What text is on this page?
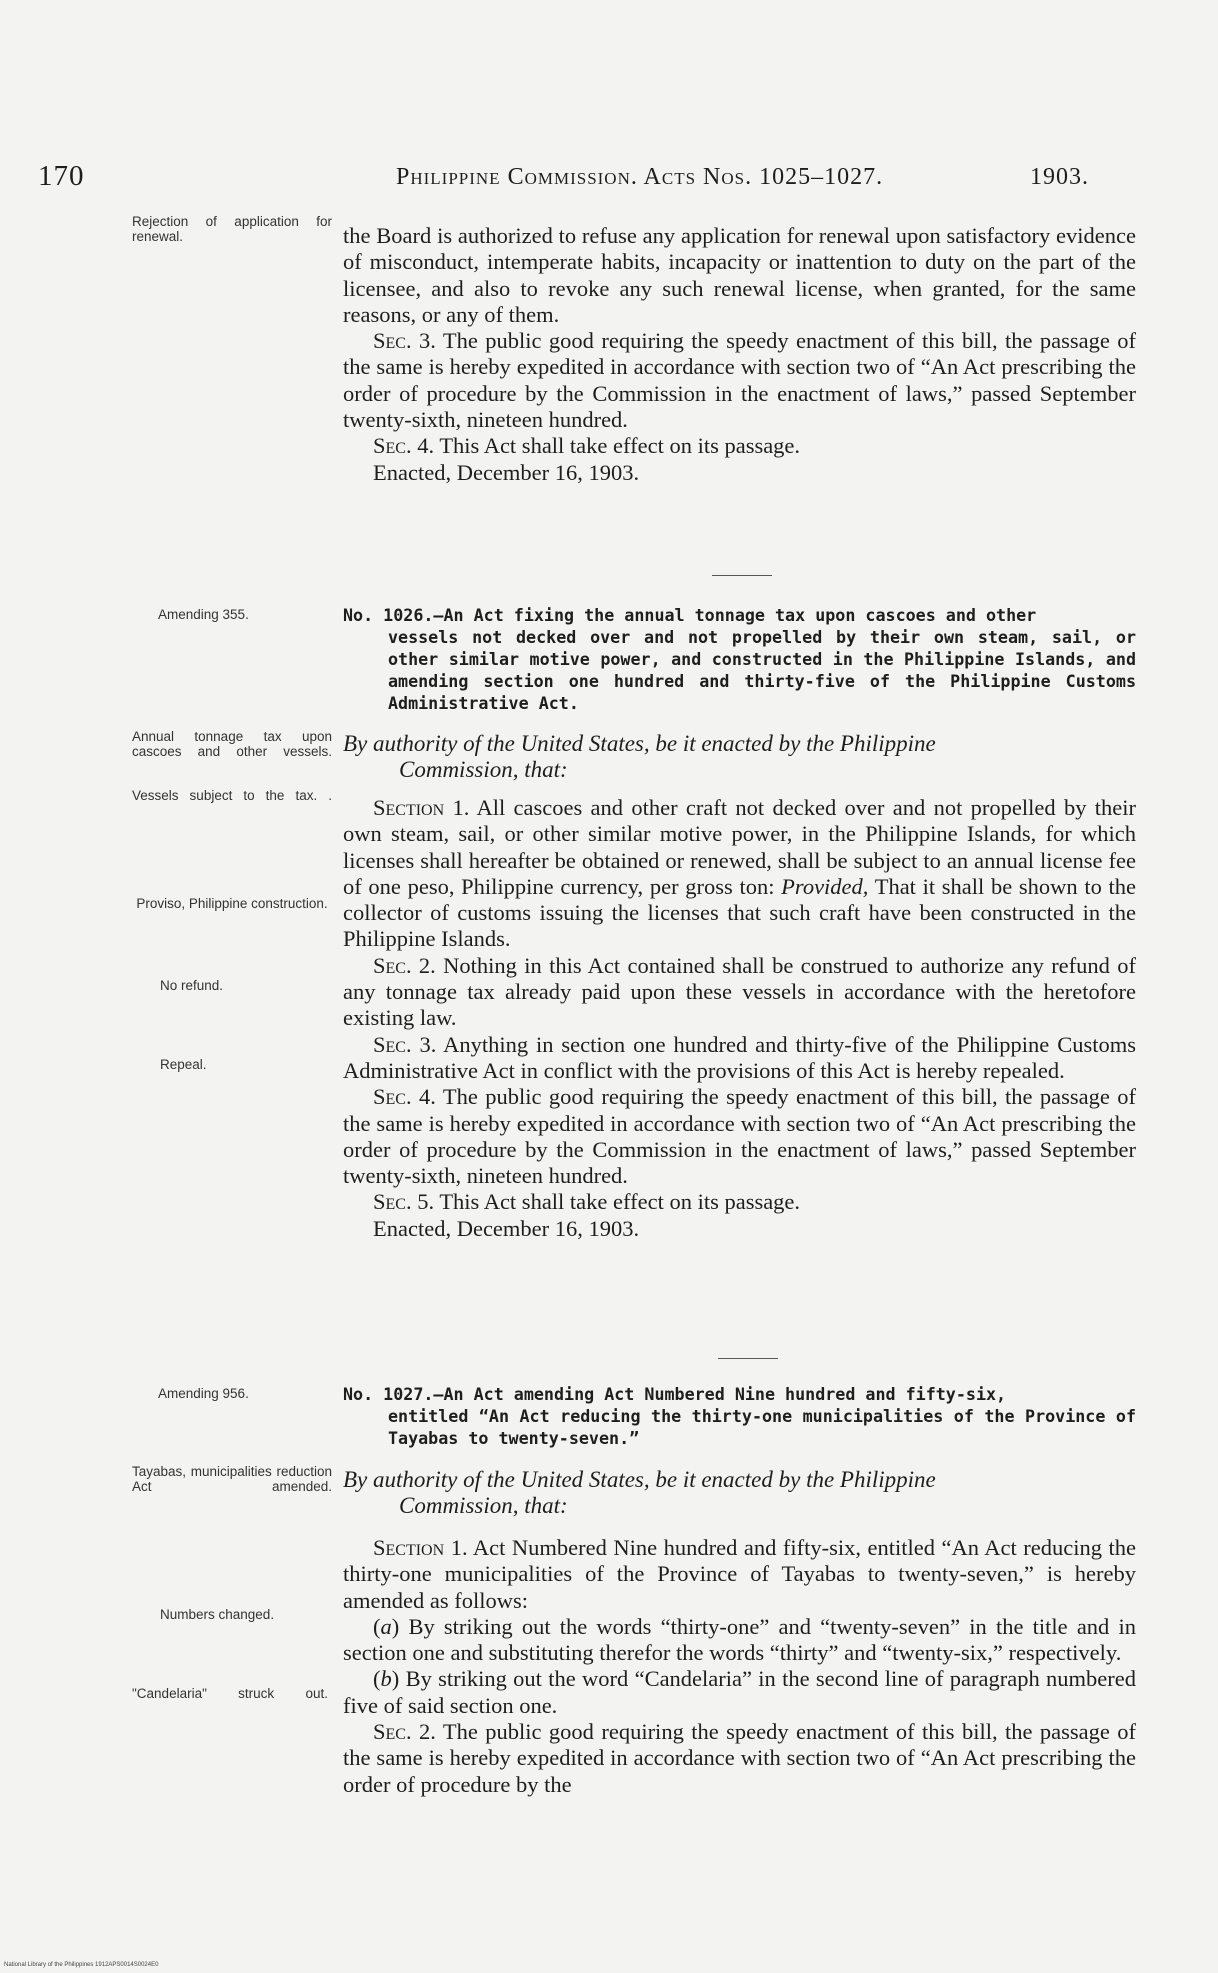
170	Philippine Commission. Acts Nos. 1025–1027.	1903.
Rejection of application for renewal.
Amending 355.
Annual tonnage tax upon cascoes and other vessels.
Vessels subject to the tax. .
Proviso, Philippine construction.
No refund.
Repeal.
Amending 956.
Tayabas, municipalities reduction Act amended.
Numbers changed.
"Candelaria" struck out.

the Board is authorized to refuse any application for renewal upon satisfactory evidence of misconduct, intemperate habits, incapacity or inattention to duty on the part of the licensee, and also to revoke any such renewal license, when granted, for the same reasons, or any of them.

Sec. 3. The public good requiring the speedy enactment of this bill, the passage of the same is hereby expedited in accordance with section two of “An Act prescribing the order of procedure by the Commission in the enactment of laws,” passed September twenty-sixth, nineteen hundred.

Sec. 4. This Act shall take effect on its passage.

Enacted, December 16, 1903.

No. 1026.—An Act fixing the annual tonnage tax upon cascoes and other
vessels not decked over and not propelled by their own steam, sail, or other similar motive power, and constructed in the Philippine Islands, and amending section one hundred and thirty-five of the Philippine Customs Administrative Act.
By authority of the United States, be it enacted by the Philippine
Commission, that:

Section 1. All cascoes and other craft not decked over and not propelled by their own steam, sail, or other similar motive power, in the Philippine Islands, for which licenses shall hereafter be obtained or renewed, shall be subject to an annual license fee of one peso, Philippine currency, per gross ton: Provided, That it shall be shown to the collector of customs issuing the licenses that such craft have been constructed in the Philippine Islands.

Sec. 2. Nothing in this Act contained shall be construed to authorize any refund of any tonnage tax already paid upon these vessels in accordance with the heretofore existing law.

Sec. 3. Anything in section one hundred and thirty-five of the Philippine Customs Administrative Act in conflict with the provisions of this Act is hereby repealed.

Sec. 4. The public good requiring the speedy enactment of this bill, the passage of the same is hereby expedited in accordance with section two of “An Act prescribing the order of procedure by the Commission in the enactment of laws,” passed September twenty-sixth, nineteen hundred.

Sec. 5. This Act shall take effect on its passage.

Enacted, December 16, 1903.

No. 1027.—An Act amending Act Numbered Nine hundred and fifty-six,
entitled “An Act reducing the thirty-one municipalities of the Province of Tayabas to twenty-seven.”
By authority of the United States, be it enacted by the Philippine
Commission, that:

Section 1. Act Numbered Nine hundred and fifty-six, entitled “An Act reducing the thirty-one municipalities of the Province of Tayabas to twenty-seven,” is hereby amended as follows:

(a) By striking out the words “thirty-one” and “twenty-seven” in the title and in section one and substituting therefor the words “thirty” and “twenty-six,” respectively.

(b) By striking out the word “Candelaria” in the second line of paragraph numbered five of said section one.

Sec. 2. The public good requiring the speedy enactment of this bill, the passage of the same is hereby expedited in accordance with section two of “An Act prescribing the order of procedure by the

National Library of the Philippines 1912APS0014S0024E0
